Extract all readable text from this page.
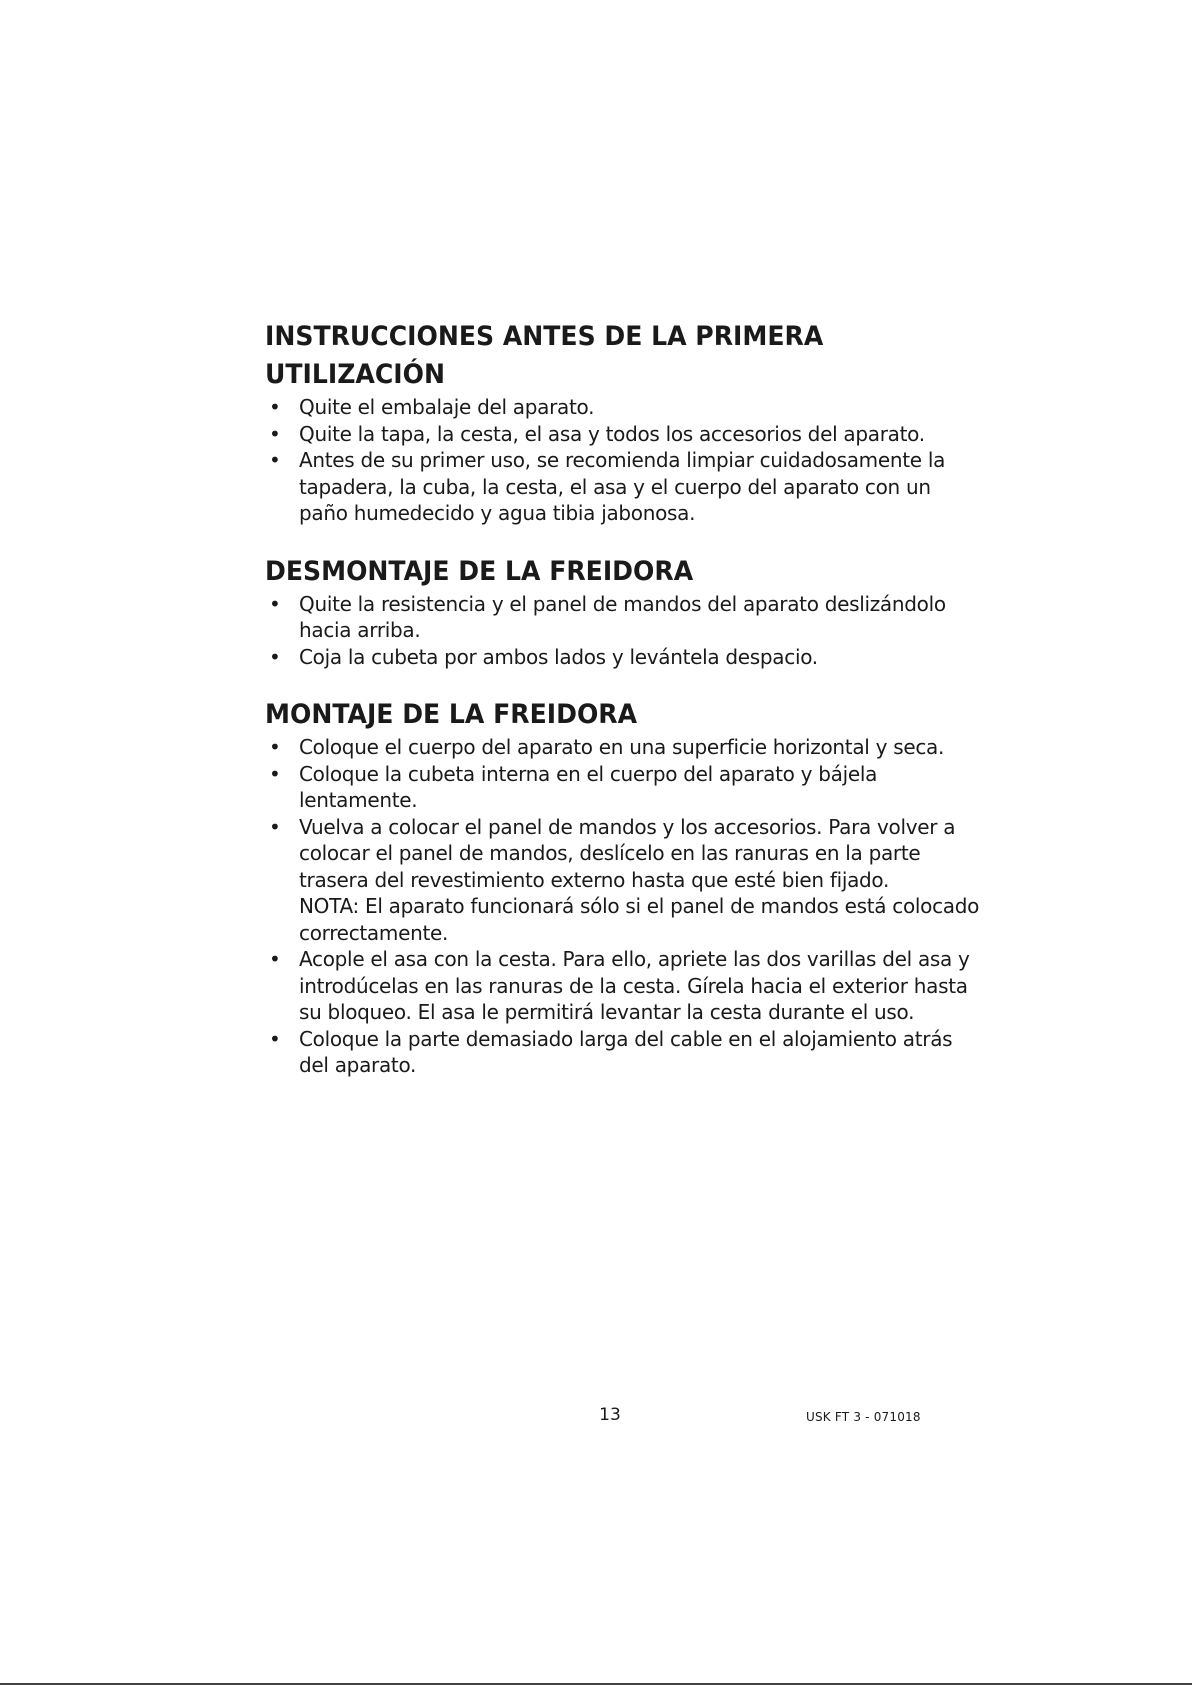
INSTRUCCIONES ANTES DE LA PRIMERA UTILIZACIÓN
• Quite el embalaje del aparato.
• Quite la tapa, la cesta, el asa y todos los accesorios del aparato.
• Antes de su primer uso, se recomienda limpiar cuidadosamente la tapadera, la cuba, la cesta, el asa y el cuerpo del aparato con un paño humedecido y agua tibia jabonosa.
DESMONTAJE DE LA FREIDORA
• Quite la resistencia y el panel de mandos del aparato deslizándolo hacia arriba.
• Coja la cubeta por ambos lados y levántela despacio.
MONTAJE DE LA FREIDORA
• Coloque el cuerpo del aparato en una superficie horizontal y seca.
• Coloque la cubeta interna en el cuerpo del aparato y bájela lentamente.
• Vuelva a colocar el panel de mandos y los accesorios. Para volver a colocar el panel de mandos, deslícelo en las ranuras en la parte trasera del revestimiento externo hasta que esté bien fijado.
NOTA: El aparato funcionará sólo si el panel de mandos está colocado correctamente.
• Acople el asa con la cesta. Para ello, apriete las dos varillas del asa y introdúcelas en las ranuras de la cesta. Gírela hacia el exterior hasta su bloqueo. El asa le permitirá levantar la cesta durante el uso.
• Coloque la parte demasiado larga del cable en el alojamiento atrás del aparato.
13	USK FT 3 - 071018
